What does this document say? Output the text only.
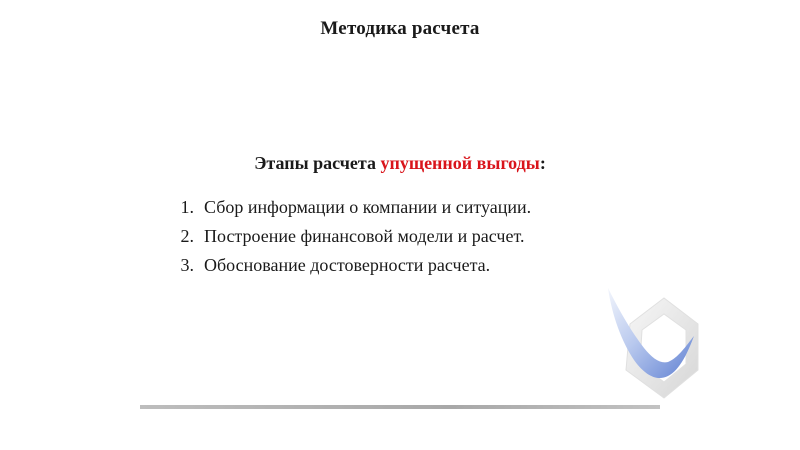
Методика расчета
Этапы расчета упущенной выгоды:
1. Сбор информации о компании и ситуации.
2. Построение финансовой модели и расчет.
3. Обоснование достоверности расчета.
